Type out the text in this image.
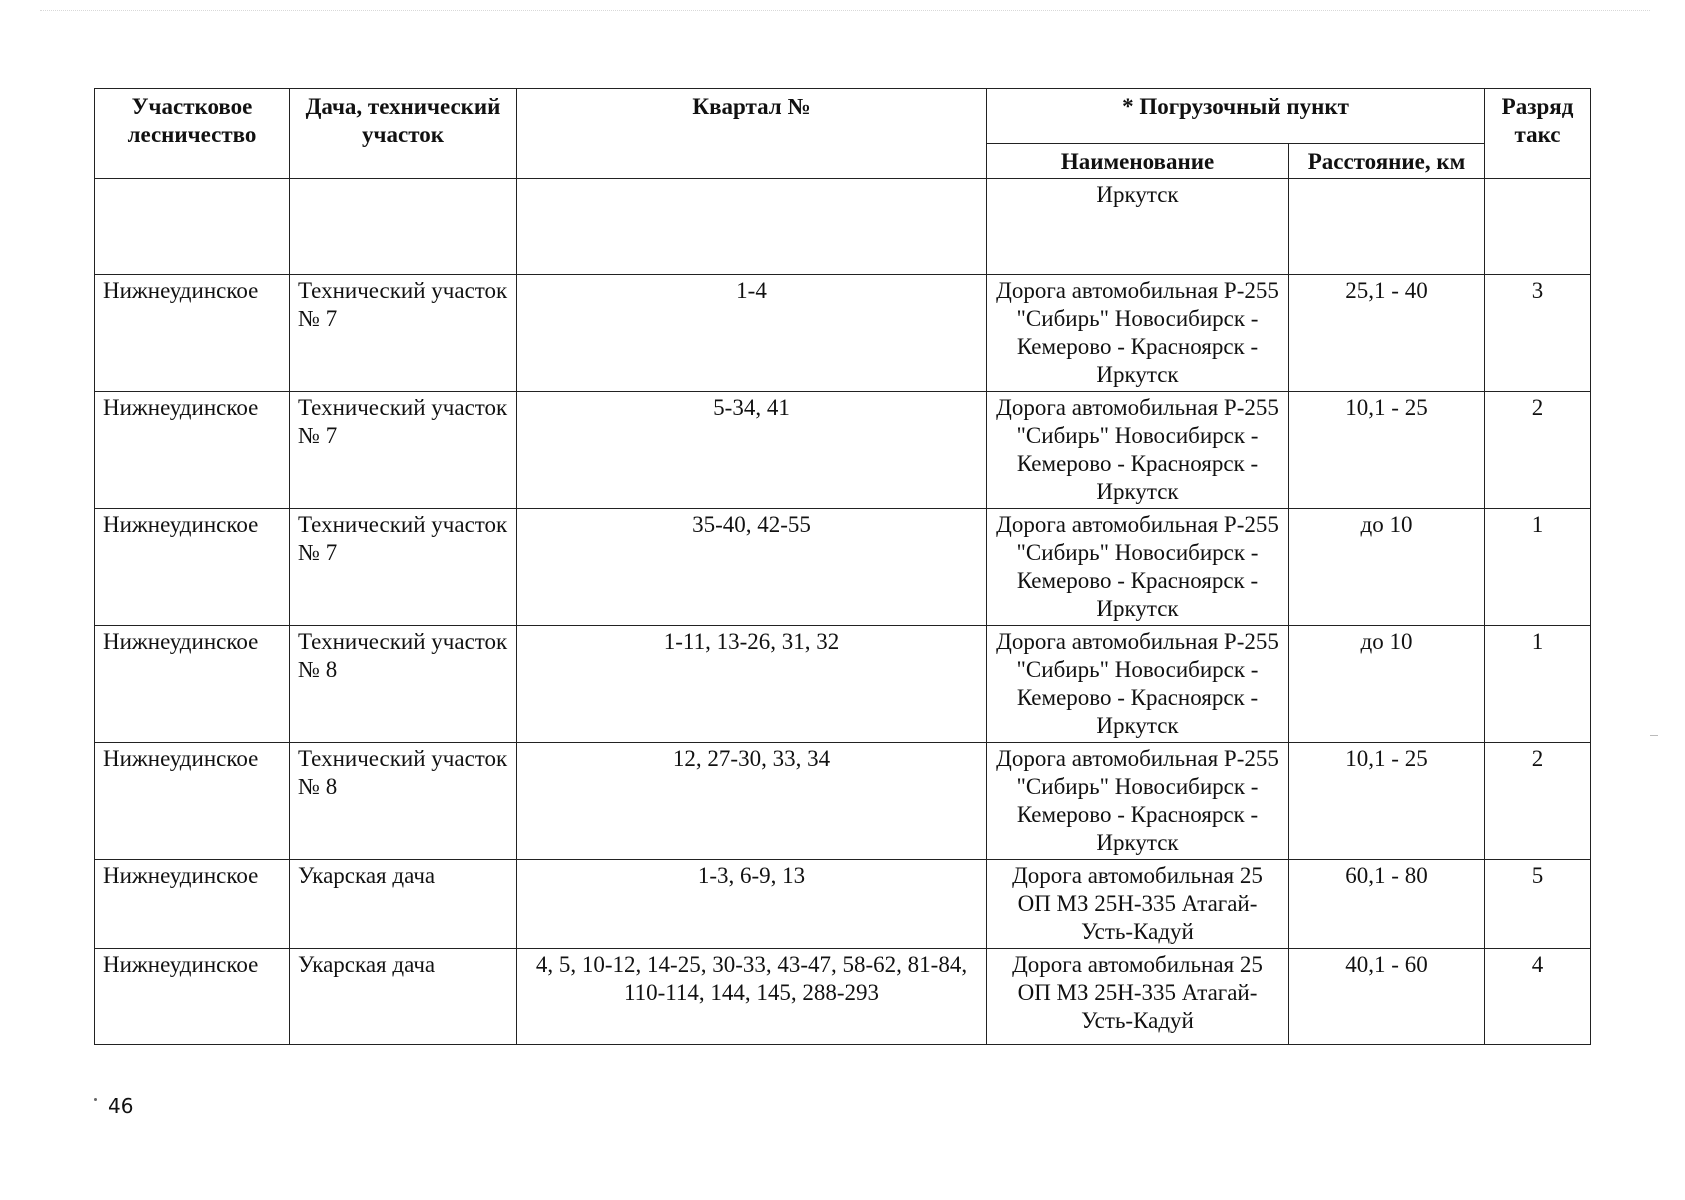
Участковое лесничество	Дача, технический участок	Квартал №	* Погрузочный пункт		Разряд такс
			Наименование	Расстояние, км	
			Иркутск		
Нижнеудинское	Технический участок № 7	1-4	Дорога автомобильная Р-255 "Сибирь" Новосибирск - Кемерово - Красноярск - Иркутск	25,1 - 40	3
Нижнеудинское	Технический участок № 7	5-34, 41	Дорога автомобильная Р-255 "Сибирь" Новосибирск - Кемерово - Красноярск - Иркутск	10,1 - 25	2
Нижнеудинское	Технический участок № 7	35-40, 42-55	Дорога автомобильная Р-255 "Сибирь" Новосибирск - Кемерово - Красноярск - Иркутск	до 10	1
Нижнеудинское	Технический участок № 8	1-11, 13-26, 31, 32	Дорога автомобильная Р-255 "Сибирь" Новосибирск - Кемерово - Красноярск - Иркутск	до 10	1
Нижнеудинское	Технический участок № 8	12, 27-30, 33, 34	Дорога автомобильная Р-255 "Сибирь" Новосибирск - Кемерово - Красноярск - Иркутск	10,1 - 25	2
Нижнеудинское	Укарская дача	1-3, 6-9, 13	Дорога автомобильная 25 ОП МЗ 25Н-335 Атагай-Усть-Кадуй	60,1 - 80	5
Нижнеудинское	Укарская дача	4, 5, 10-12, 14-25, 30-33, 43-47, 58-62, 81-84, 110-114, 144, 145, 288-293	Дорога автомобильная 25 ОП МЗ 25Н-335 Атагай-Усть-Кадуй	40,1 - 60	4
46
